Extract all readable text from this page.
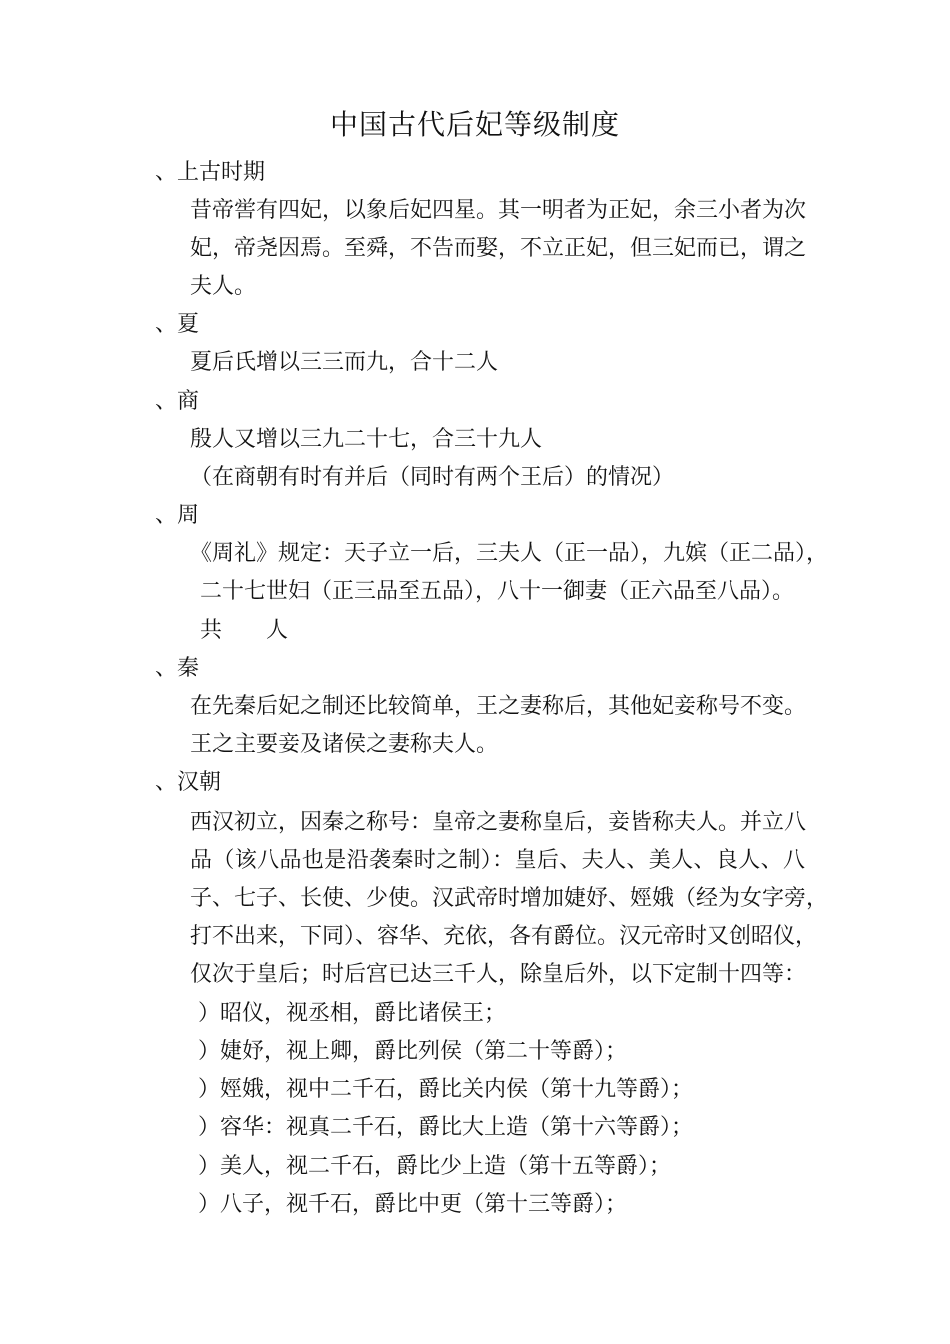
中国古代后妃等级制度
、上古时期
昔帝喾有四妃，以象后妃四星。其一明者为正妃，余三小者为次
妃，帝尧因焉。至舜，不告而娶，不立正妃，但三妃而已，谓之
夫人。
、夏
夏后氏增以三三而九，合十二人
、商
殷人又增以三九二十七，合三十九人
（在商朝有时有并后（同时有两个王后）的情况）
、周
《周礼》规定：天子立一后，三夫人（正一品），九嫔（正二品），
二十七世妇（正三品至五品），八十一御妻（正六品至八品）。
共　　人
、秦
在先秦后妃之制还比较简单，王之妻称后，其他妃妾称号不变。
王之主要妾及诸侯之妻称夫人。
、汉朝
西汉初立，因秦之称号：皇帝之妻称皇后，妾皆称夫人。并立八
品（该八品也是沿袭秦时之制）：皇后、夫人、美人、良人、八
子、七子、长使、少使。汉武帝时增加婕妤、娙娥（经为女字旁，
打不出来，下同）、容华、充依，各有爵位。汉元帝时又创昭仪，
仅次于皇后；时后宫已达三千人，除皇后外，以下定制十四等：
）昭仪，视丞相，爵比诸侯王；
）婕妤，视上卿，爵比列侯（第二十等爵）；
）娙娥，视中二千石，爵比关内侯（第十九等爵）；
）容华：视真二千石，爵比大上造（第十六等爵）；
）美人，视二千石，爵比少上造（第十五等爵）；
）八子，视千石，爵比中更（第十三等爵）；
